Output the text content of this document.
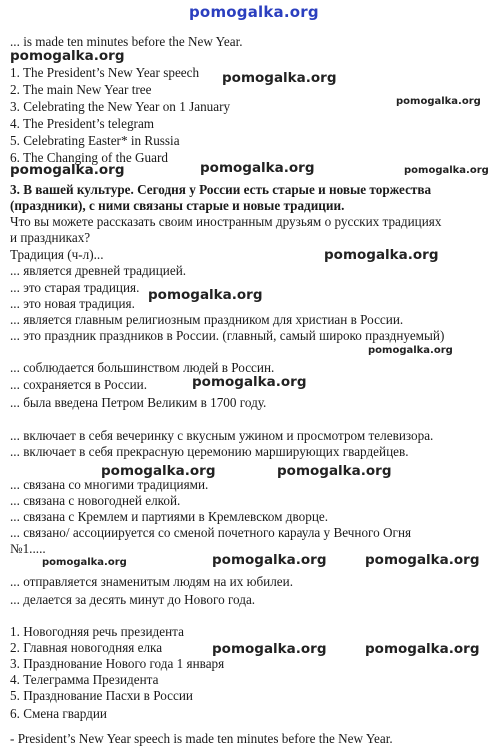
pomogalka.org
... is made ten minutes before the New Year.
pomogalka.org
1. The President’s New Year speech pomogalka.org
2. The main New Year tree
pomogalka.org
3. Celebrating the New Year on 1 January
4. The President’s telegram
5. Celebrating Easter* in Russia
6. The Changing of the Guard
pomogalka.org	pomogalka.org	pomogalka.org
3. В вашей культуре. Сегодня у России есть старые и новые торжества
(праздники), с ними связаны старые и новые традиции.
Что вы можете рассказать своим иностранным друзьям о русских традициях
и праздниках?
Традиция (ч-л)...	pomogalka.org
... является древней традицией.
... это старая традиция. pomogalka.org
... это новая традиция.
... является главным религиозным праздником для христиан в России.
... это праздник праздников в России. (главный, самый широко празднуемый)
pomogalka.org
... соблюдается большинством людей в Россин.
pomogalka.org
... сохраняется в России.
... была введена Петром Великим в 1700 году.
... включает в себя вечеринку с вкусным ужином и просмотром телевизора.
... включает в себя прекрасную церемонию марширующих гвардейцев.
pomogalka.org	pomogalka.org
... связана со многими традициями.
... связана с новогодней елкой.
... связана с Кремлем и партиями в Кремлевском дворце.
... связано/ ассоциируется со сменой почетного караула у Вечного Огня
№1.....
pomogalka.org	pomogalka.org	pomogalka.org
... отправляется знаменитым людям на их юбилеи.
... делается за десять минут до Нового года.
1. Новогодняя речь президента
2. Главная новогодняя елка	pomogalka.org	pomogalka.org
3. Празднование Нового года 1 января
4. Телеграмма Президента
5. Празднование Пасхи в России
6. Смена гвардии
- President’s New Year speech is made ten minutes before the New Year.
